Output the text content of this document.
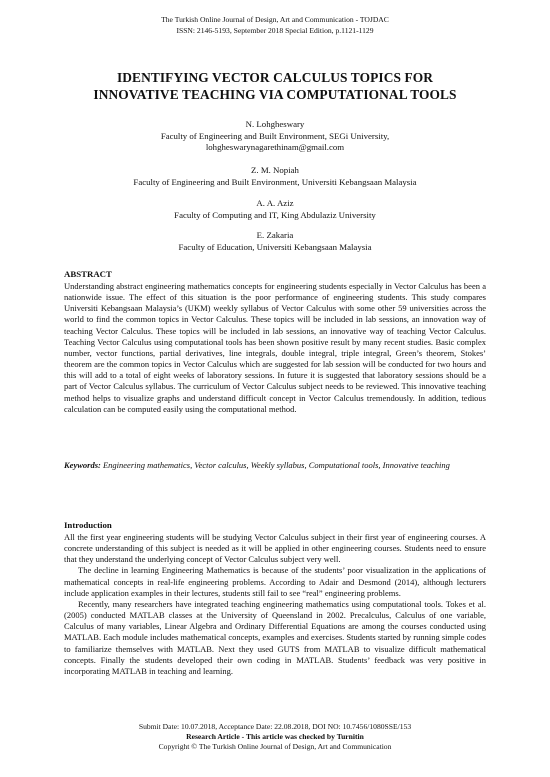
The Turkish Online Journal of Design, Art and Communication - TOJDAC
ISSN: 2146-5193, September 2018 Special Edition, p.1121-1129
IDENTIFYING VECTOR CALCULUS TOPICS FOR
INNOVATIVE TEACHING VIA COMPUTATIONAL TOOLS
N. Lohgheswary
Faculty of Engineering and Built Environment, SEGi University,
lohgheswarynagarethinam@gmail.com
Z. M. Nopiah
Faculty of Engineering and Built Environment, Universiti Kebangsaan Malaysia
A. A. Aziz
Faculty of Computing and IT, King Abdulaziz University
E. Zakaria
Faculty of Education, Universiti Kebangsaan Malaysia
ABSTRACT
Understanding abstract engineering mathematics concepts for engineering students especially in Vector Calculus has been a nationwide issue. The effect of this situation is the poor performance of engineering students. This study compares Universiti Kebangsaan Malaysia’s (UKM) weekly syllabus of Vector Calculus with some other 59 universities across the world to find the common topics in Vector Calculus. These topics will be included in lab sessions, an innovation way of teaching Vector Calculus. These topics will be included in lab sessions, an innovative way of teaching Vector Calculus. Teaching Vector Calculus using computational tools has been shown positive result by many recent studies. Basic complex number, vector functions, partial derivatives, line integrals, double integral, triple integral, Green’s theorem, Stokes’ theorem are the common topics in Vector Calculus which are suggested for lab session will be conducted for two hours and this will add to a total of eight weeks of laboratory sessions. In future it is suggested that laboratory sessions should be a part of Vector Calculus syllabus. The curriculum of Vector Calculus subject needs to be reviewed. This innovative teaching method helps to visualize graphs and understand difficult concept in Vector Calculus tremendously. In addition, tedious calculation can be computed easily using the computational method.
Keywords: Engineering mathematics, Vector calculus, Weekly syllabus, Computational tools, Innovative teaching
Introduction

All the first year engineering students will be studying Vector Calculus subject in their first year of engineering courses. A concrete understanding of this subject is needed as it will be applied in other engineering courses. Students need to ensure that they understand the underlying concept of Vector Calculus subject very well.

The decline in learning Engineering Mathematics is because of the students’ poor visualization in the applications of mathematical concepts in real-life engineering problems. According to Adair and Desmond (2014), although lecturers include application examples in their lectures, students still fail to see “real” engineering problems.

Recently, many researchers have integrated teaching engineering mathematics using computational tools. Tokes et al. (2005) conducted MATLAB classes at the University of Queensland in 2002. Precalculus, Calculus of one variable, Calculus of many variables, Linear Algebra and Ordinary Differential Equations are among the courses conducted using MATLAB. Each module includes mathematical concepts, examples and exercises. Students started by running simple codes to familiarize themselves with MATLAB. Next they used GUTS from MATLAB to visualize difficult mathematical concepts. Finally the students developed their own coding in MATLAB. Students’ feedback was very positive in incorporating MATLAB in teaching and learning.

Submit Date: 10.07.2018, Acceptance Date: 22.08.2018, DOI NO: 10.7456/1080SSE/153
Research Article - This article was checked by Turnitin
Copyright © The Turkish Online Journal of Design, Art and Communication
